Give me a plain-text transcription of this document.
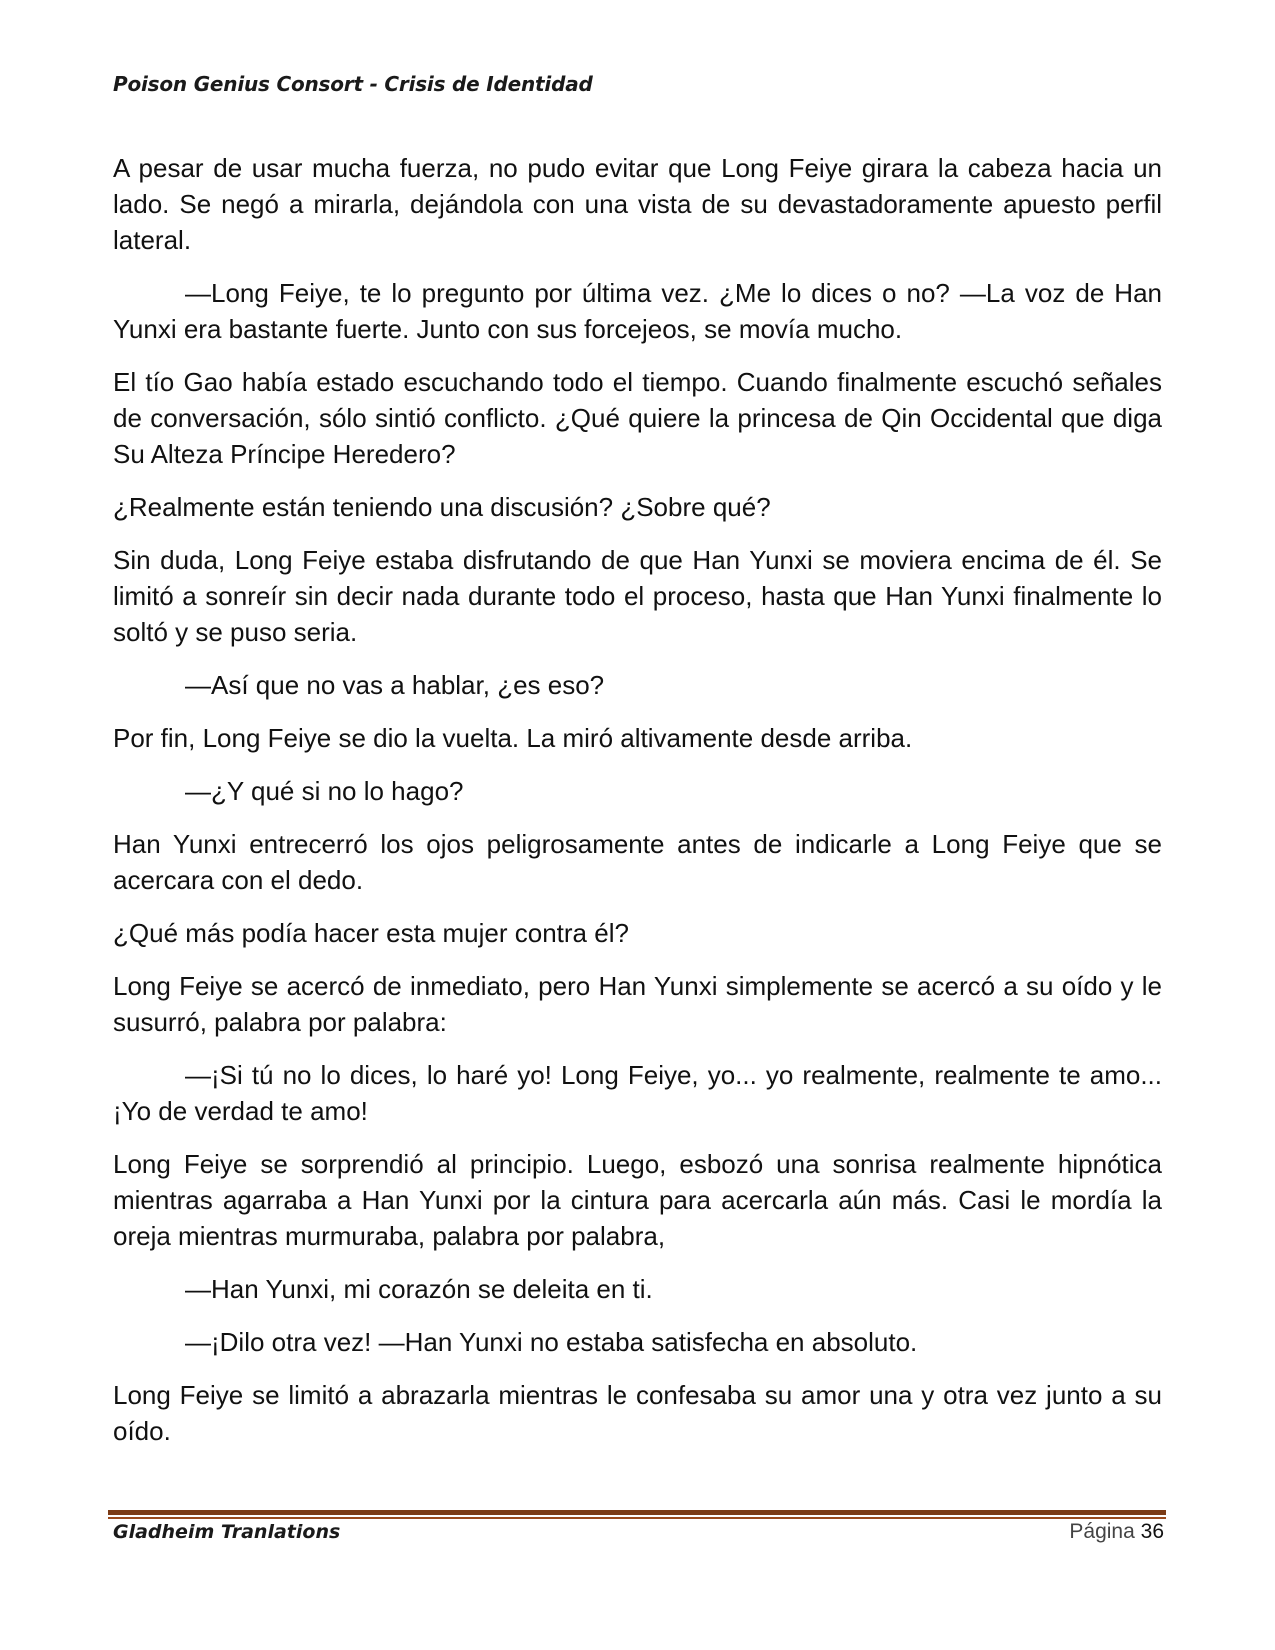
Poison Genius Consort - Crisis de Identidad

A pesar de usar mucha fuerza, no pudo evitar que Long Feiye girara la cabeza hacia un lado. Se negó a mirarla, dejándola con una vista de su devastadoramente apuesto perfil lateral.

—Long Feiye, te lo pregunto por última vez. ¿Me lo dices o no? —La voz de Han Yunxi era bastante fuerte. Junto con sus forcejeos, se movía mucho.

El tío Gao había estado escuchando todo el tiempo. Cuando finalmente escuchó señales de conversación, sólo sintió conflicto. ¿Qué quiere la princesa de Qin Occidental que diga Su Alteza Príncipe Heredero?

¿Realmente están teniendo una discusión? ¿Sobre qué?

Sin duda, Long Feiye estaba disfrutando de que Han Yunxi se moviera encima de él. Se limitó a sonreír sin decir nada durante todo el proceso, hasta que Han Yunxi finalmente lo soltó y se puso seria.

—Así que no vas a hablar, ¿es eso?

Por fin, Long Feiye se dio la vuelta. La miró altivamente desde arriba.

—¿Y qué si no lo hago?

Han Yunxi entrecerró los ojos peligrosamente antes de indicarle a Long Feiye que se acercara con el dedo.

¿Qué más podía hacer esta mujer contra él?

Long Feiye se acercó de inmediato, pero Han Yunxi simplemente se acercó a su oído y le susurró, palabra por palabra:

—¡Si tú no lo dices, lo haré yo! Long Feiye, yo... yo realmente, realmente te amo... ¡Yo de verdad te amo!

Long Feiye se sorprendió al principio. Luego, esbozó una sonrisa realmente hipnótica mientras agarraba a Han Yunxi por la cintura para acercarla aún más. Casi le mordía la oreja mientras murmuraba, palabra por palabra,

—Han Yunxi, mi corazón se deleita en ti.

—¡Dilo otra vez! —Han Yunxi no estaba satisfecha en absoluto.

Long Feiye se limitó a abrazarla mientras le confesaba su amor una y otra vez junto a su oído.

Gladheim Tranlations	Página 36
